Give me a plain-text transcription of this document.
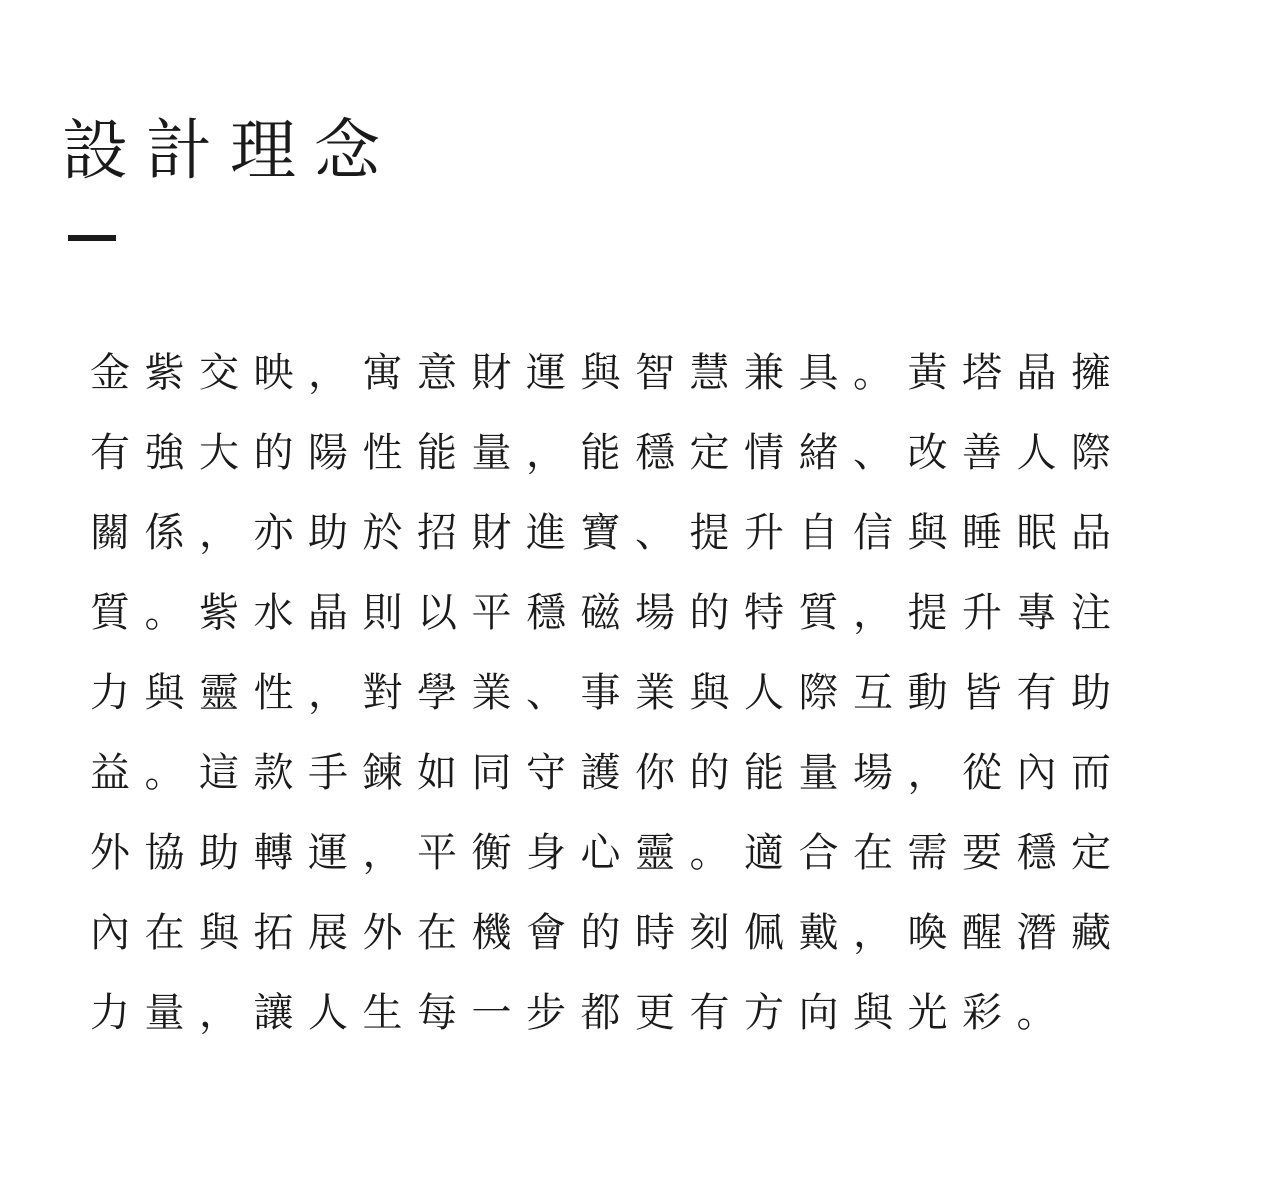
設計理念
金紫交映，寓意財運與智慧兼具。黃塔晶擁
有強大的陽性能量，能穩定情緒、改善人際
關係，亦助於招財進寶、提升自信與睡眠品
質。紫水晶則以平穩磁場的特質，提升專注
力與靈性，對學業、事業與人際互動皆有助
益。這款手鍊如同守護你的能量場，從內而
外協助轉運，平衡身心靈。適合在需要穩定
內在與拓展外在機會的時刻佩戴，喚醒潛藏
力量，讓人生每一步都更有方向與光彩。
